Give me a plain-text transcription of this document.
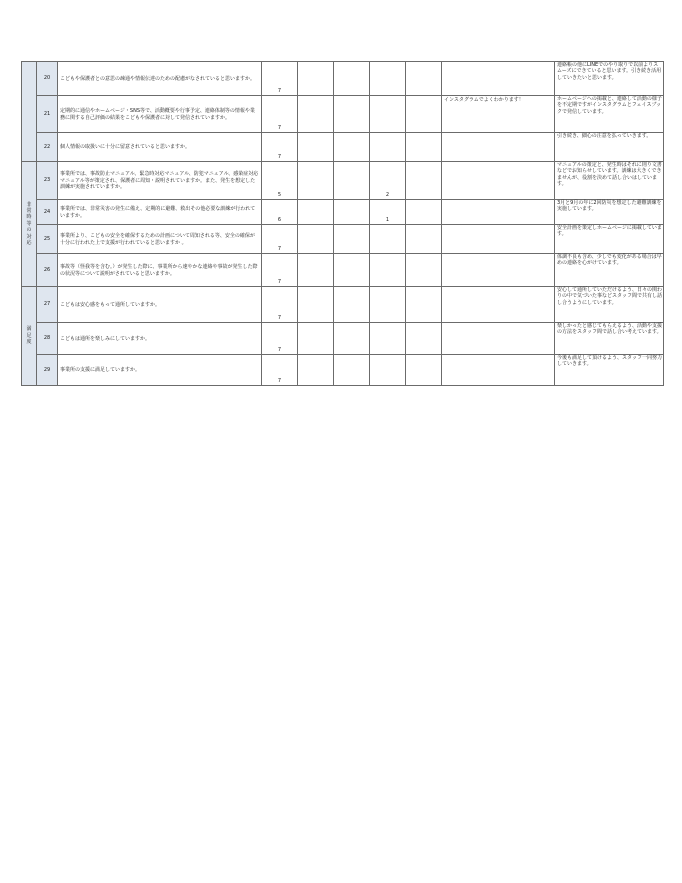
	20	こどもや保護者との意思の疎通や情報伝達のための配慮がなされていると思いますか。	7						連絡帳の他にLINEでのやり取りで以前よりスムーズにできていると思います。引き続き活用していきたいと思います。
	21	定期的に通信やホームページ・SNS等で、活動概要や行事予定、連絡体制等の情報や業務に関する自己評価の結果をこどもや保護者に対して発信されていますか。	7					インスタグラムでよくわかります！	ホームページへの掲載と、連絡して活動の様子を不定期ですがインスタグラムとフェイスブックで発信しています。
	22	個人情報の取扱いに十分に留意されていると思いますか。	7						引き続き、細心の注意を払っていきます。
非常時等の対応	23	事業所では、事故防止マニュアル、緊急時対応マニュアル、防犯マニュアル、感染症対応マニュアル等が策定され、保護者に周知・説明されていますか。また、発生を想定した訓練が実施されていますか。	5			2			マニュアルの策定と、発生時はそれに則り文書などでお知らせしています。訓練は大きくできませんが、役割を決めて話し合いはしています。
	24	事業所では、非常災害の発生に備え、定期的に避難、救出その他必要な訓練が行われていますか。	6			1			3月と9月の年に2回防災を想定した避難訓練を実施しています。
	25	事業所より、こどもの安全を確保するための計画について周知される等、安全の確保が十分に行われた上で支援が行われていると思いますか 。	7						安全計画を策定しホームページに掲載しています。
	26	事故等（怪我等を含む。）が発生した際に、事業所から速やかな連絡や事故が発生した際の状況等について説明がされていると思いますか。	7						体調不良も含め、少しでも変化がある場合は早めの連絡を心がけています。
満足度	27	こどもは安心感をもって通所していますか。	7						安心して通所していただけるよう、日々の関わりの中で気づいた事などスタッフ間で共有し話し合うようにしています。
	28	こどもは通所を楽しみにしていますか。	7						楽しかったと感じてもらえるよう、活動や支援の方法をスタッフ間で話し合い考えています。
	29	事業所の支援に満足していますか。	7						今後も満足して頂けるよう、スタッフ一同努力していきます。
